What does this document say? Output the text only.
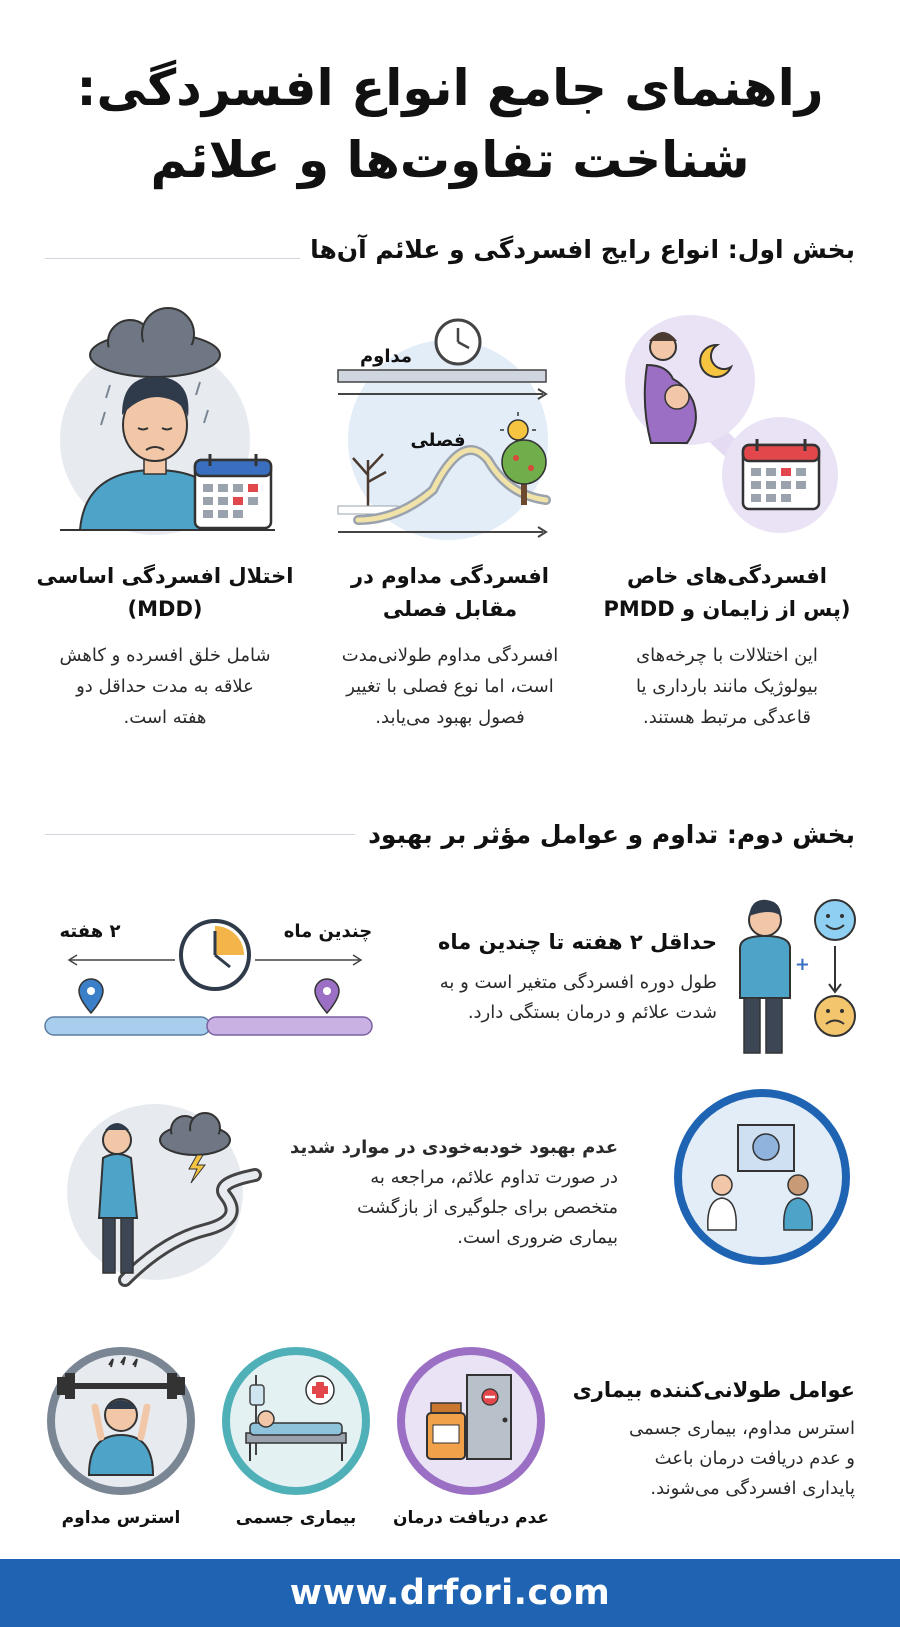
راهنمای جامع انواع افسردگی:
شناخت تفاوت‌ها و علائم
بخش اول: انواع رایج افسردگی و علائم آن‌ها
افسردگی‌های خاص
(پس از زایمان و PMDD
این اختلالات با چرخه‌های
بیولوژیک مانند بارداری یا
قاعدگی مرتبط هستند.
مداوم
فصلی
افسردگی مداوم در
مقابل فصلی
افسردگی مداوم طولانی‌مدت
است، اما نوع فصلی با تغییر
فصول بهبود می‌یابد.
اختلال افسردگی اساسی
(MDD)
شامل خلق افسرده و کاهش
علاقه به مدت حداقل دو
هفته است.
بخش دوم: تداوم و عوامل مؤثر بر بهبود
+
حداقل ۲ هفته تا چندین ماه
طول دوره افسردگی متغیر است و به
شدت علائم و درمان بستگی دارد.
۲ هفته	چندین ماه
عدم بهبود خودبه‌خودی در موارد شدید
در صورت تداوم علائم، مراجعه به
متخصص برای جلوگیری از بازگشت
بیماری ضروری است.
عوامل طولانی‌کننده بیماری
استرس مداوم، بیماری جسمی
و عدم دریافت درمان باعث
پایداری افسردگی می‌شوند.
عدم دریافت درمان
بیماری جسمی
استرس مداوم
www.drfori.com
